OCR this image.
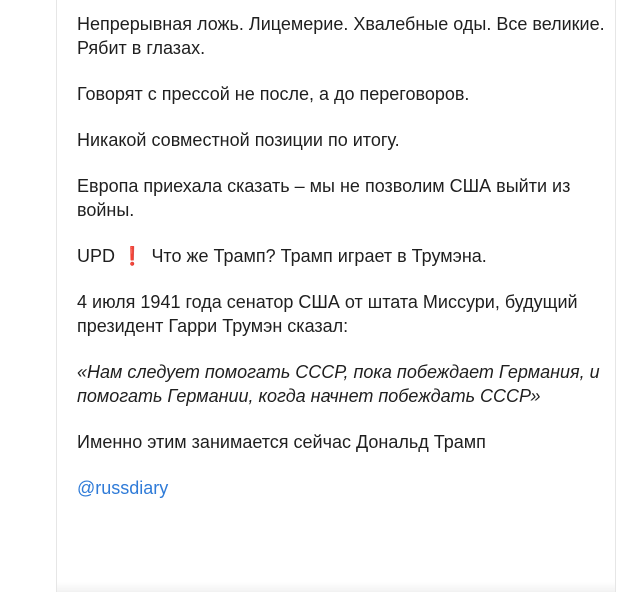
Непрерывная ложь. Лицемерие. Хвалебные оды. Все великие. Рябит в глазах.

Говорят с прессой не после, а до переговоров.

Никакой совместной позиции по итогу.

Европа приехала сказать – мы не позволим США выйти из войны.

UPD ❗ Что же Трамп? Трамп играет в Трумэна.

4 июля 1941 года сенатор США от штата Миссури, будущий президент Гарри Трумэн сказал:

«Нам следует помогать СССР, пока побеждает Германия, и помогать Германии, когда начнет побеждать СССР»

Именно этим занимается сейчас Дональд Трамп

@russdiary
